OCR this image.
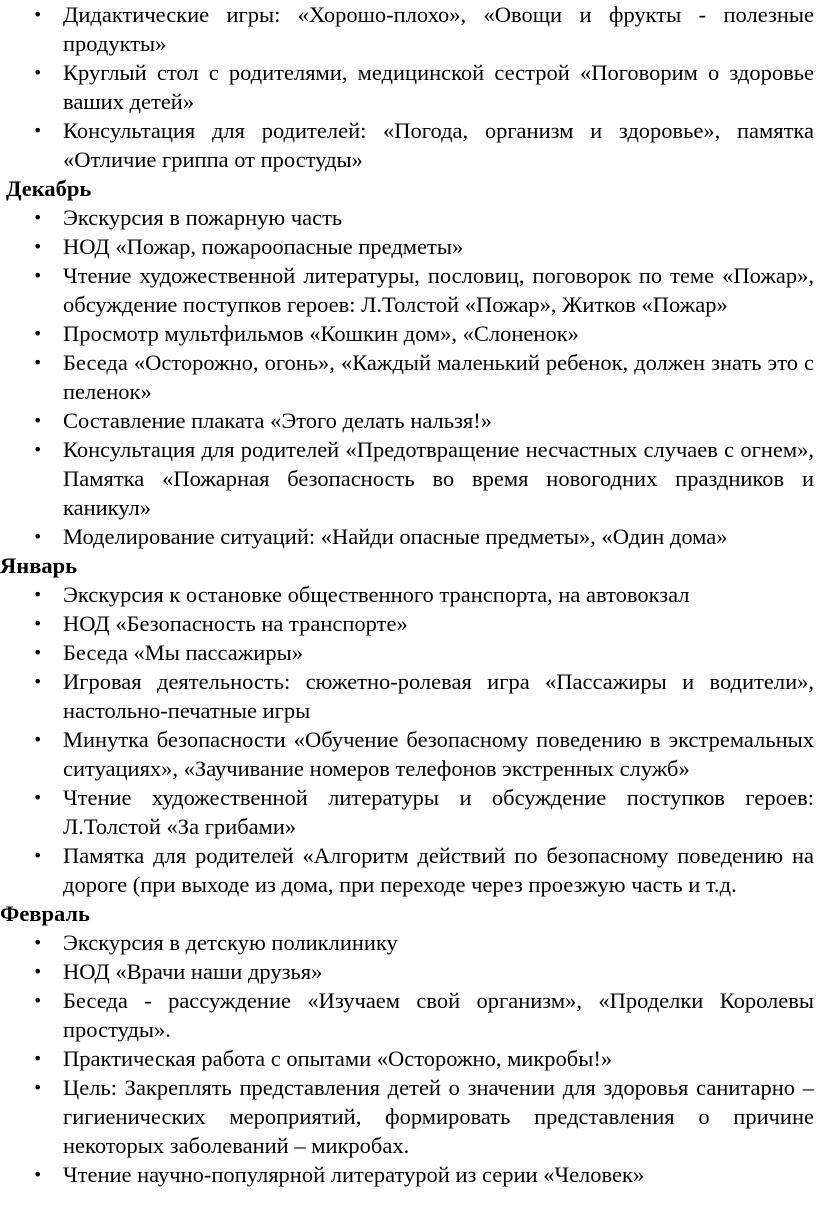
• Дидактические игры: «Хорошо-плохо», «Овощи и фрукты - полезные продукты»
• Круглый стол с родителями, медицинской сестрой «Поговорим о здоровье ваших детей»
• Консультация для родителей: «Погода, организм и здоровье», памятка «Отличие гриппа от простуды»
Декабрь
• Экскурсия в пожарную часть
• НОД «Пожар, пожароопасные предметы»
• Чтение художественной литературы, пословиц, поговорок по теме «Пожар», обсуждение поступков героев: Л.Толстой «Пожар», Житков «Пожар»
• Просмотр мультфильмов «Кошкин дом», «Слоненок»
• Беседа «Осторожно, огонь», «Каждый маленький ребенок, должен знать это с пеленок»
• Составление плаката «Этого делать нальзя!»
• Консультация для родителей «Предотвращение несчастных случаев с огнем», Памятка «Пожарная безопасность во время новогодних праздников и каникул»
• Моделирование ситуаций: «Найди опасные предметы», «Один дома»
Январь
• Экскурсия к остановке общественного транспорта, на автовокзал
• НОД «Безопасность на транспорте»
• Беседа «Мы пассажиры»
• Игровая деятельность: сюжетно-ролевая игра «Пассажиры и водители», настольно-печатные игры
• Минутка безопасности «Обучение безопасному поведению в экстремальных ситуациях», «Заучивание номеров телефонов экстренных служб»
• Чтение художественной литературы и обсуждение поступков героев: Л.Толстой «За грибами»
• Памятка для родителей «Алгоритм действий по безопасному поведению на дороге (при выходе из дома, при переходе через проезжую часть и т.д.
Февраль
• Экскурсия в детскую поликлинику
• НОД «Врачи наши друзья»
• Беседа - рассуждение «Изучаем свой организм», «Проделки Королевы простуды».
• Практическая работа с опытами «Осторожно, микробы!»
• Цель: Закреплять представления детей о значении для здоровья санитарно – гигиенических мероприятий, формировать представления о причине некоторых заболеваний – микробах.
• Чтение научно-популярной литературой из серии «Человек»
